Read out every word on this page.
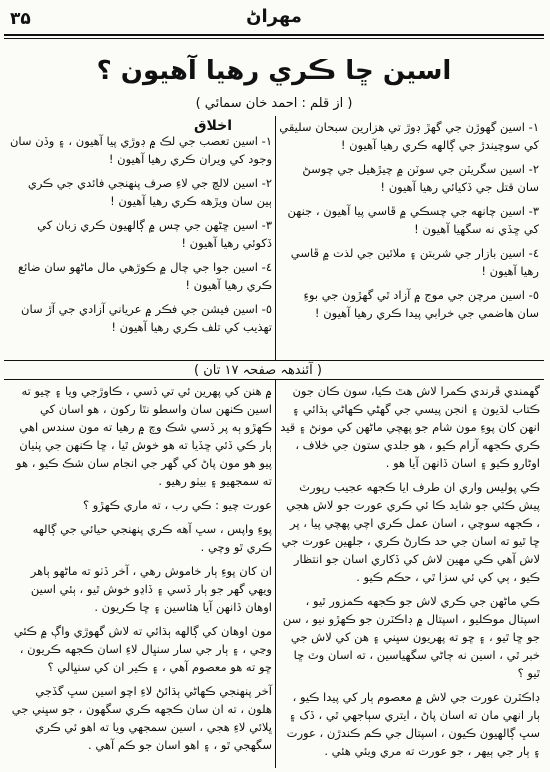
٣۵	مهراڻ
اسين ڇا ڪري رهيا آهيون ؟
( از قلم : احمد خان سمائي )
اخلاق	١- اسين گهوڙن جي گهڙ ڊوڙ تي هزارين سبحان سليقي کي سوچيندڙ جي ڳالهه ڪري رهيا آهيون !

٢- اسين سگريٽن جي سوٽن ۾ چيڙهيل جي چوسڻ سان قتل جي ڏکيائي رهيا آهيون !

٣- اسين چانهه جي چسڪي ۾ ڦاسي پيا آهيون ، جنهن کي ڇڏي نه سگهيا آهيون !

٤- اسين بازار جي شربتن ۽ ملائين جي لذت ۾ ڦاسي رهيا آهيون !

٥- اسين مرچن جي موج ۾ آزاد ٿي گهڙون جي بوءِ سان هاضمي جي خرابي پيدا ڪري رهيا آهيون !

١- اسين تعصب جي لڪ ۾ ڊوڙي پيا آهيون ، ۽ وڏن سان وجود کي ويران ڪري رهيا آهيون !

٢- اسين لالچ جي لاءِ صرف پنهنجي فائدي جي ڪري ٻين سان ويڙهه ڪري رهيا آهيون !

٣- اسين ڇڻهن جي چس ۾ ڳالهيون ڪري زبان کي ڏکوئي رهيا آهيون !

٤- اسين جوا جي چال ۾ ڪوڙهي مال ماڻهو سان ضائع ڪري رهيا آهيون !

٥- اسين فيشن جي فڪر ۾ عرياني آزادي جي آڙ سان تهذيب کي تلف ڪري رهيا آهيون !

( آئندهہ صفحہ ١٧ تان )

گهمندي ڦرندي ڪمرا لاش هٿ ڪيا، سون ڪان جون ڪتاب لڌيون ۽ انجن پيسي جي گهڻي ڪهاڻي ٻڌائي ۽ انهن کان پوءِ مون شام جو پهچي ماڻهن کي مونڻ ۽ قيد ڪري ڪجهه آرام ڪيو ، هو جلدي ستون جي خلاف ، اوڻارو ڪيو ۽ اسان ڏانهن آيا هو .

ڪي پوليس واري ان طرف ايا ڪجهه عجيب رپورٽ پيش ڪئي جو شايد ڪا ئي ڪري عورت جو لاش هجي ، ڪجهه سوچي ، اسان عمل ڪري اچي پهچي پيا ، پر ڇا ٿيو ته اسان جي حد ڪارڻ ڪري ، جلهين عورت جي لاش آهي ڪي مهين لاش کي ڏکاري اسان جو انتظار ڪيو ، ٻي کي ئي سزا ٿي ، حڪم ڪيو .

ڪي ماڻهن جي ڪري لاش جو ڪجهه ڪمزور ٿيو ، اسپتال موڪليو ، اسپتال ۾ ڊاڪٽرن جو ڪهڙو نيو ، سن جو ڇا ٿيو ، ۽ ڇو ته پهريون سڀني ۽ هن کي لاش جي خبر ٿي ، اسين نه ڄاڻي سگهياسين ، ته اسان وٽ ڇا ٿيو ؟

ڊاڪٽرن عورت جي لاش ۾ معصوم ٻار کي پيدا ڪيو ، ٻار انهي مان ته اسان پاڻ ، ايتري سٻاجهي ٿي ، ڏک ۽ سڀ ڳالهيون ڪيون ، اسپتال جي ڪم ڪندڙن ، عورت ۽ ٻار جي ٻيهر ، جو عورت ته مري ويئي هئي .

۾ هنن کي پهرين ئي تي ڏسي ، ڪاوڙجي ويا ۽ چيو ته اسين ڪنهن سان واسطو نٿا رکون ، هو اسان کي ڪهڙو ٻه پر ڏسي شڪ وچ ۾ رهيا ته مون سندس اهي ٻار ڪي ڏئي ڇڏيا ته هو خوش ٿيا ، ڇا ڪنهن جي پٺيان پيو هو مون پاڻ کي گهر جي انجام سان شڪ ڪيو ، هو ته سمجهيو ۽ بيٺو رهيو .

عورت چيو : ڪي رب ، ته ماري ڪهڙو ؟

پوءِ واپس ، سڀ آهه ڪري پنهنجي حيائي جي ڳالهه ڪري ٿو وچي .

ان کان پوءِ ٻار خاموش رهي ، آخر ڏٺو ته ماڻهو ٻاهر ويهي گهر جو ٻار ڏسي ۽ ڏاڍو خوش ٿيو ، ٻئي اسين اوهان ڏانهن آيا هئاسين ۽ ڇا ڪريون .

مون اوهان کي ڳالهه ٻڌائي ته لاش گهوڙي واڳ ۾ ڪئي وڃي ، ۽ ٻار جي سار سنڀال لاءِ اسان ڪجهه ڪريون ، ڇو ته هو معصوم آهي ، ۽ ڪير ان کي سنڀالي ؟

آخر پنهنجي ڪهاڻي ٻڌائڻ لاءِ اچو اسين سڀ گڏجي هلون ، ته ان سان ڪجهه ڪري سگهون ، جو سڀني جي ڀلائي لاءِ هجي ، اسين سمجهي ويا ته اهو ئي ڪري سگهجي ٿو ، ۽ اهو اسان جو ڪم آهي .
